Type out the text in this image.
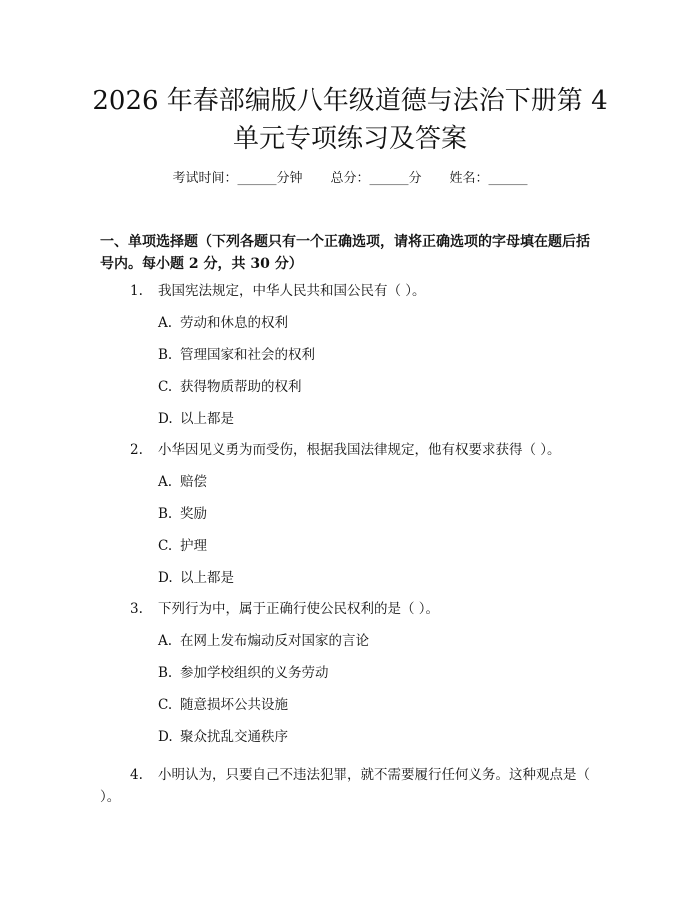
2026 年春部编版八年级道德与法治下册第 4
单元专项练习及答案
考试时间：______分钟 总分：______分 姓名：______
一、单项选择题（下列各题只有一个正确选项，请将正确选项的字母填在题后括号内。每小题 2 分，共 30 分）
1. 我国宪法规定，中华人民共和国公民有（ ）。
A. 劳动和休息的权利
B. 管理国家和社会的权利
C. 获得物质帮助的权利
D. 以上都是
2. 小华因见义勇为而受伤，根据我国法律规定，他有权要求获得（ ）。
A. 赔偿
B. 奖励
C. 护理
D. 以上都是
3. 下列行为中，属于正确行使公民权利的是（ ）。
A. 在网上发布煽动反对国家的言论
B. 参加学校组织的义务劳动
C. 随意损坏公共设施
D. 聚众扰乱交通秩序
4. 小明认为，只要自己不违法犯罪，就不需要履行任何义务。这种观点是（ ）。
